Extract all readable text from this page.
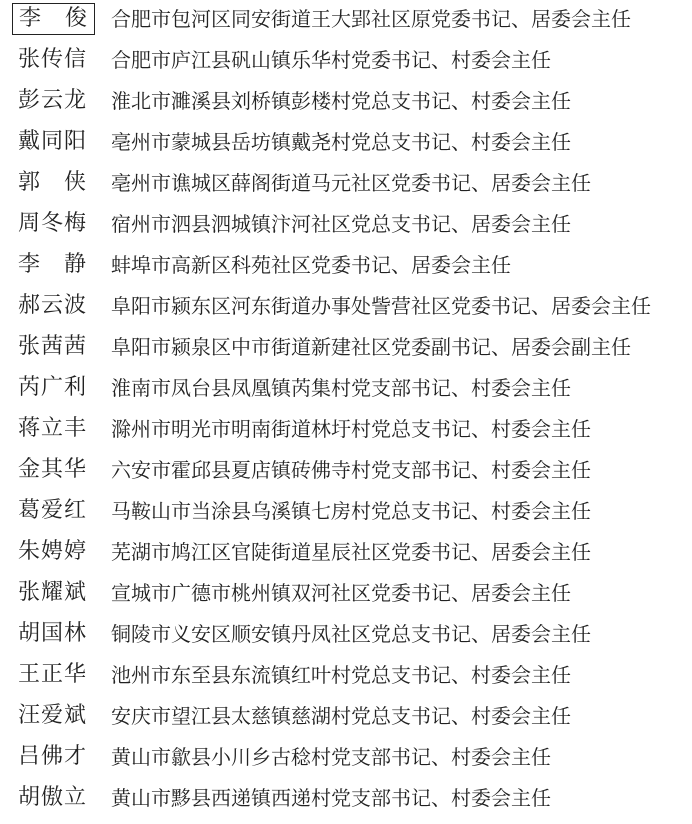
李　俊	合肥市包河区同安街道王大郢社区原党委书记、居委会主任
张传信 合肥市庐江县矾山镇乐华村党委书记、村委会主任
彭云龙 淮北市濉溪县刘桥镇彭楼村党总支书记、村委会主任
戴同阳 亳州市蒙城县岳坊镇戴尧村党总支书记、村委会主任
郭　侠 亳州市谯城区薛阁街道马元社区党委书记、居委会主任
周冬梅 宿州市泗县泗城镇汴河社区党总支书记、居委会主任
李　静 蚌埠市高新区科苑社区党委书记、居委会主任
郝云波 阜阳市颍东区河东街道办事处訾营社区党委书记、居委会主任
张茜茜 阜阳市颍泉区中市街道新建社区党委副书记、居委会副主任
芮广利 淮南市凤台县凤凰镇芮集村党支部书记、村委会主任
蒋立丰 滁州市明光市明南街道林圩村党总支书记、村委会主任
金其华 六安市霍邱县夏店镇砖佛寺村党支部书记、村委会主任
葛爱红 马鞍山市当涂县乌溪镇七房村党总支书记、村委会主任
朱娉婷 芜湖市鸠江区官陡街道星辰社区党委书记、居委会主任
张耀斌 宣城市广德市桃州镇双河社区党委书记、居委会主任
胡国林 铜陵市义安区顺安镇丹凤社区党总支书记、居委会主任
王正华 池州市东至县东流镇红叶村党总支书记、村委会主任
汪爱斌 安庆市望江县太慈镇慈湖村党总支书记、村委会主任
吕佛才 黄山市歙县小川乡古稔村党支部书记、村委会主任
胡傲立 黄山市黟县西递镇西递村党支部书记、村委会主任
